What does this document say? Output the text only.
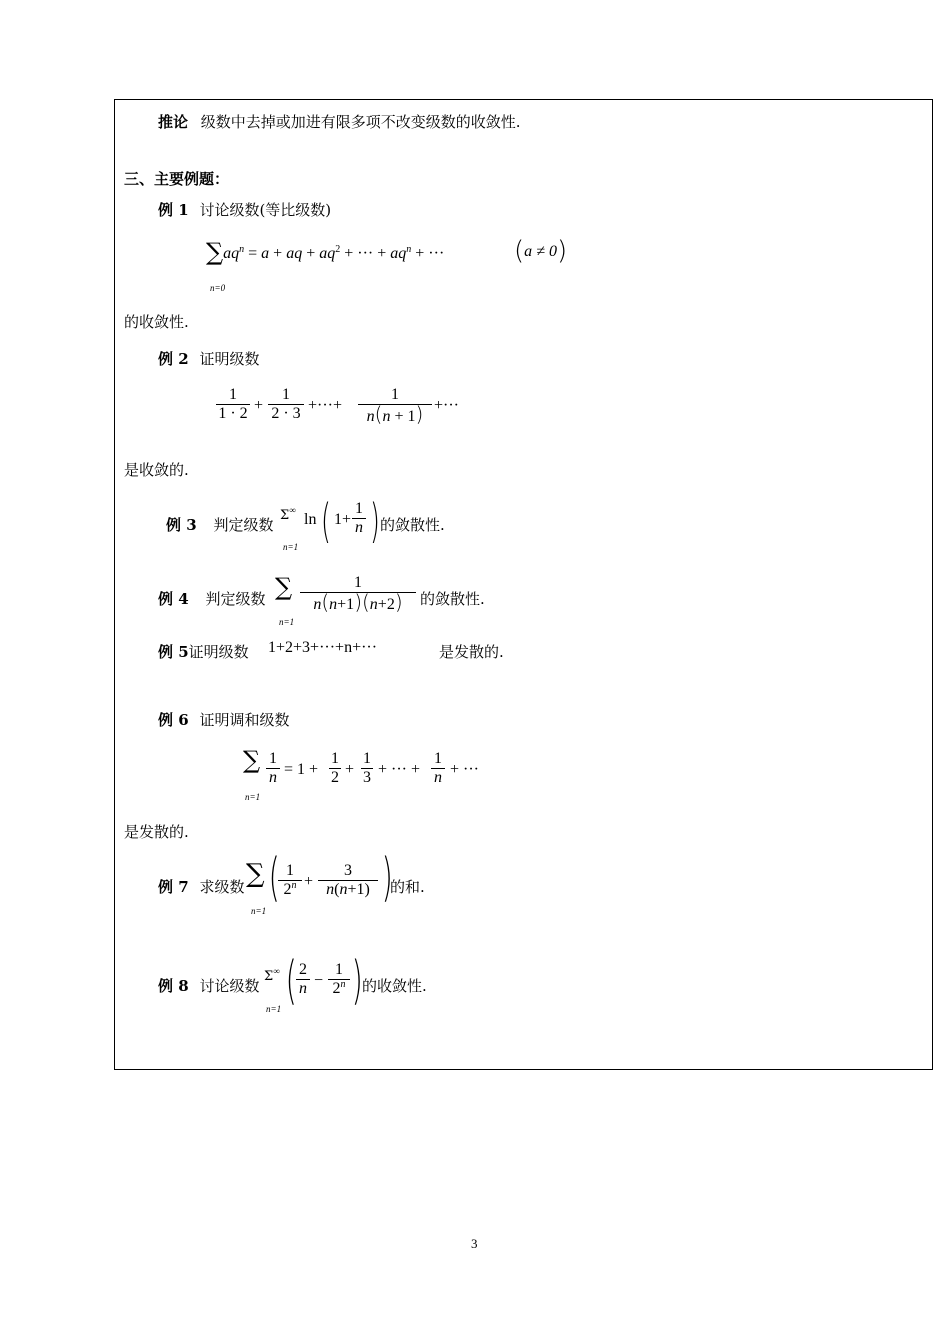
推论 级数中去掉或加进有限多项不改变级数的收敛性.
三、主要例题：
例 1 讨论级数(等比级数)
$\sum aq^n = a$ + aq + $aq^2$ + ··· + $aq^n$ + ···
n=0
(a ≠ 0)
的收敛性.
例 2 证明级数
1
1 · 2 +
1
2 · 3 +···+
1
n(n + 1) +···
是收敛的.
例 3 判定级数
Σ∞
n=1
ln ( 1+
1
n ) 的敛散性.
例 4 判定级数 ∑
n=1
1
n(n+1)(n+2)	的敛散性.
例 5证明级数 1+2+3+···+n+···	是发散的.
例 6 证明调和级数
∑
n=1
1
n = 1 +
1
2 +
1
3 + ··· +
1
n + ···
是发散的.
例 7 求级数 ∑
n=1
( 1
$2^n$ +
3
n(n+1) )
的和.
例 8 讨论级数
Σ∞
n=1 ( 2
n −
1
2$^n$ ) 的收敛性.
3
